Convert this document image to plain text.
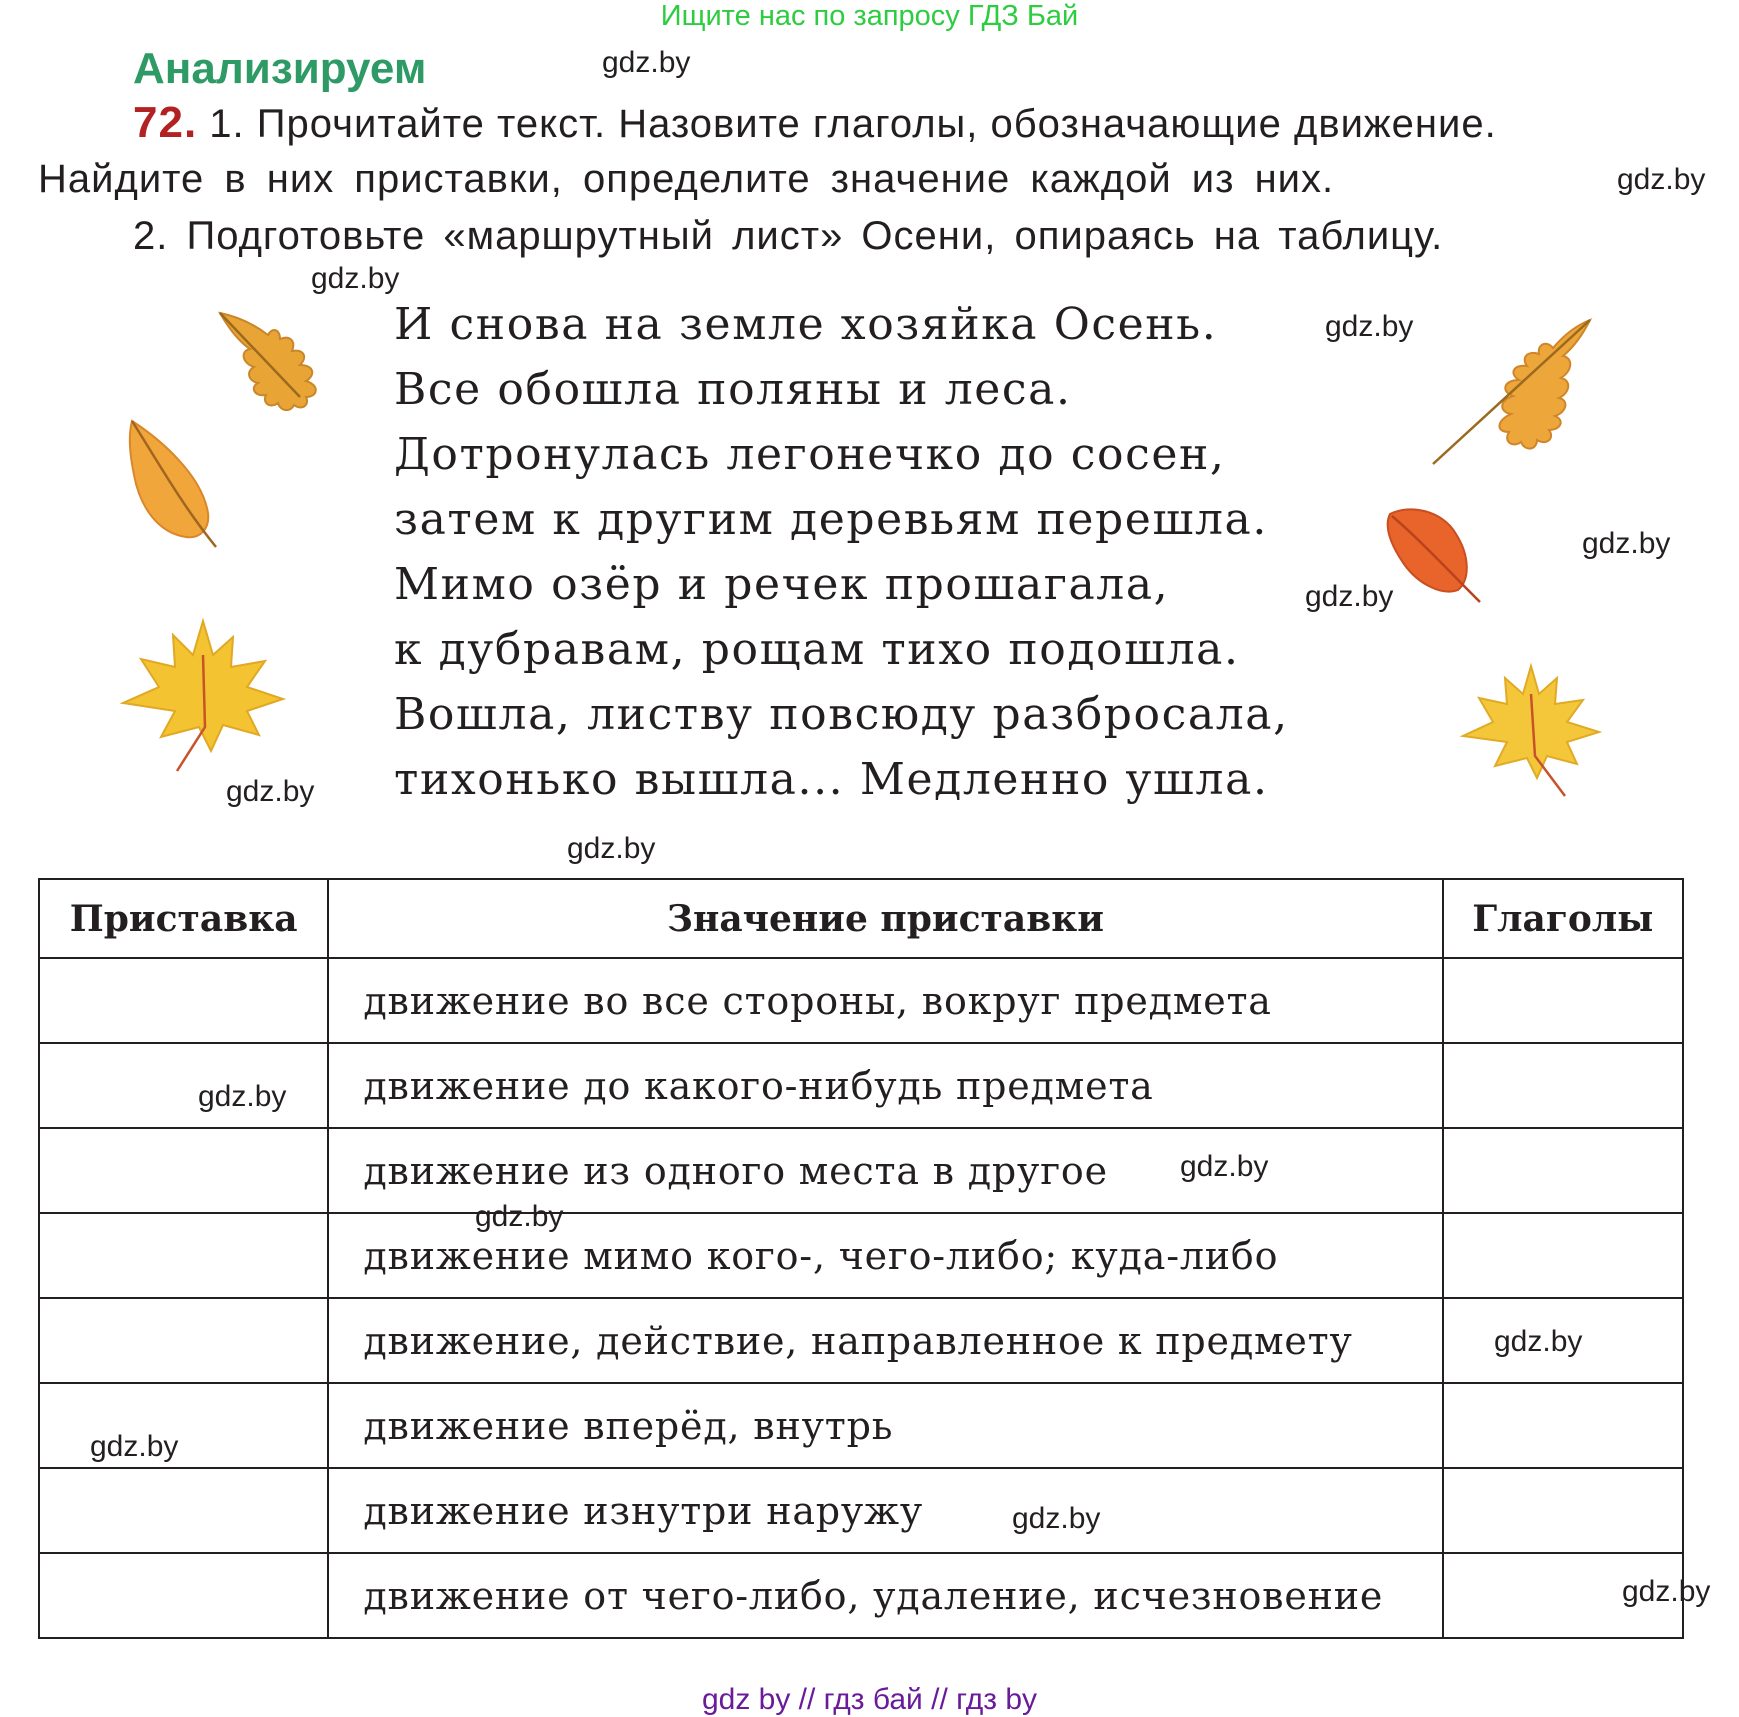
Ищите нас по запросу ГДЗ Бай
Анализируем	gdz.by
72. 1. Прочитайте текст. Назовите глаголы, обозначающие движение.
Найдите в них приставки, определите значение каждой из них.	gdz.by
2. Подготовьте «маршрутный лист» Осени, опираясь на таблицу.
gdz.by
И снова на земле хозяйка Осень.
Все обошла поляны и леса.
Дотронулась легонечко до сосен,
затем к другим деревьям перешла.
Мимо озёр и речек прошагала,
к дубравам, рощам тихо подошла.
Вошла, листву повсюду разбросала,
тихонько вышла... Медленно ушла.
gdz.by
gdz.by
gdz.by
gdz.by
gdz.by
Приставка	Значение приставки	Глаголы
	движение во все стороны, вокруг предмета	
	движение до какого-нибудь предмета	
	движение из одного места в другое	
	движение мимо кого-, чего-либо; куда-либо	
	движение, действие, направленное к предмету	
	движение вперёд, внутрь	
	движение изнутри наружу	
	движение от чего-либо, удаление, исчезновение	
gdz.by
gdz.by
gdz.by
gdz.by
gdz.by
gdz.by
gdz.by
gdz by // гдз бай // гдз by
